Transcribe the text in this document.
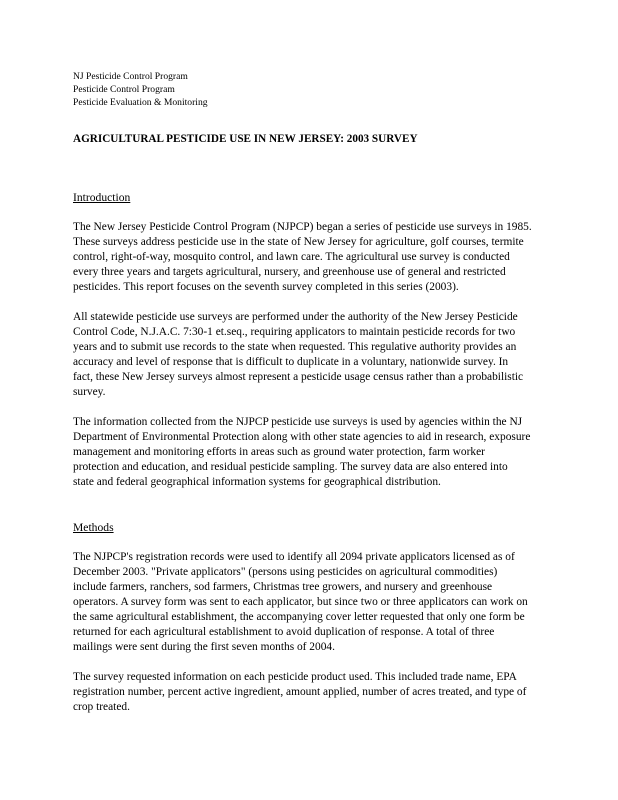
NJ Pesticide Control Program
Pesticide Control Program
Pesticide Evaluation & Monitoring
AGRICULTURAL PESTICIDE USE IN NEW JERSEY: 2003 SURVEY
Introduction

The New Jersey Pesticide Control Program (NJPCP) began a series of pesticide use surveys in 1985.
These surveys address pesticide use in the state of New Jersey for agriculture, golf courses, termite
control, right-of-way, mosquito control, and lawn care. The agricultural use survey is conducted
every three years and targets agricultural, nursery, and greenhouse use of general and restricted
pesticides. This report focuses on the seventh survey completed in this series (2003).

All statewide pesticide use surveys are performed under the authority of the New Jersey Pesticide
Control Code, N.J.A.C. 7:30-1 et.seq., requiring applicators to maintain pesticide records for two
years and to submit use records to the state when requested. This regulative authority provides an
accuracy and level of response that is difficult to duplicate in a voluntary, nationwide survey. In
fact, these New Jersey surveys almost represent a pesticide usage census rather than a probabilistic
survey.

The information collected from the NJPCP pesticide use surveys is used by agencies within the NJ
Department of Environmental Protection along with other state agencies to aid in research, exposure
management and monitoring efforts in areas such as ground water protection, farm worker
protection and education, and residual pesticide sampling. The survey data are also entered into
state and federal geographical information systems for geographical distribution.

Methods

The NJPCP's registration records were used to identify all 2094 private applicators licensed as of
December 2003. "Private applicators" (persons using pesticides on agricultural commodities)
include farmers, ranchers, sod farmers, Christmas tree growers, and nursery and greenhouse
operators. A survey form was sent to each applicator, but since two or three applicators can work on
the same agricultural establishment, the accompanying cover letter requested that only one form be
returned for each agricultural establishment to avoid duplication of response. A total of three
mailings were sent during the first seven months of 2004.

The survey requested information on each pesticide product used. This included trade name, EPA
registration number, percent active ingredient, amount applied, number of acres treated, and type of
crop treated.
